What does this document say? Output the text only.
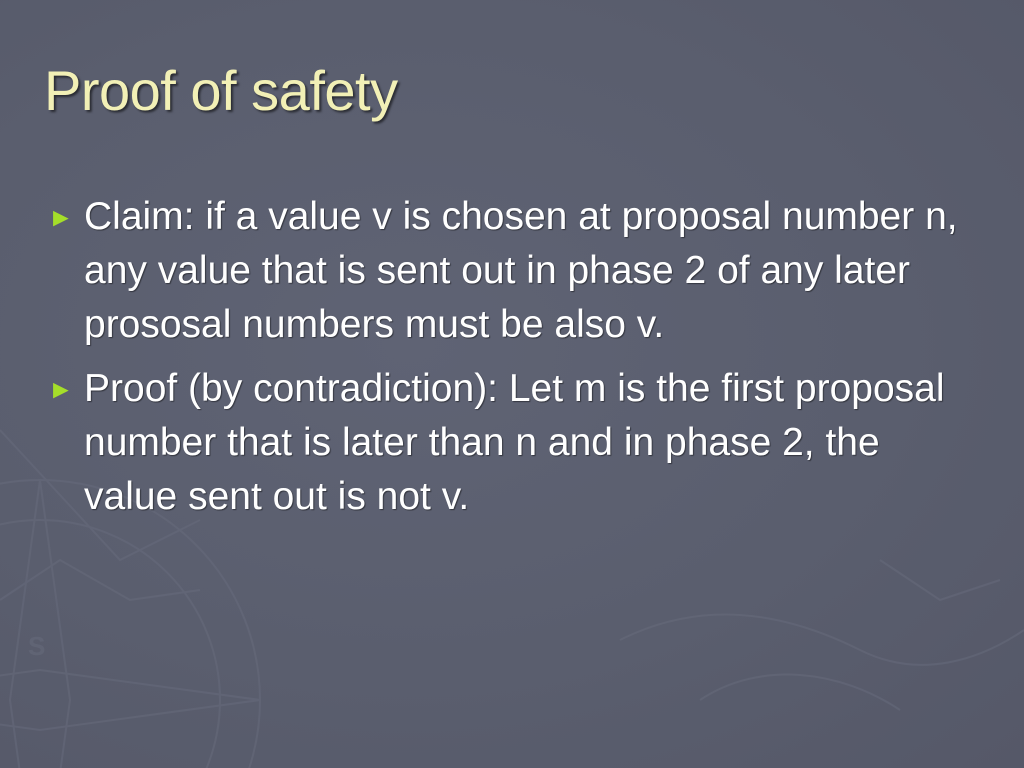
S
Proof of safety
► Claim: if a value v is chosen at proposal number n, any value that is sent out in phase 2 of any later prososal numbers must be also v.
► Proof (by contradiction): Let m is the first proposal number that is later than n and in phase 2, the value sent out is not v.
